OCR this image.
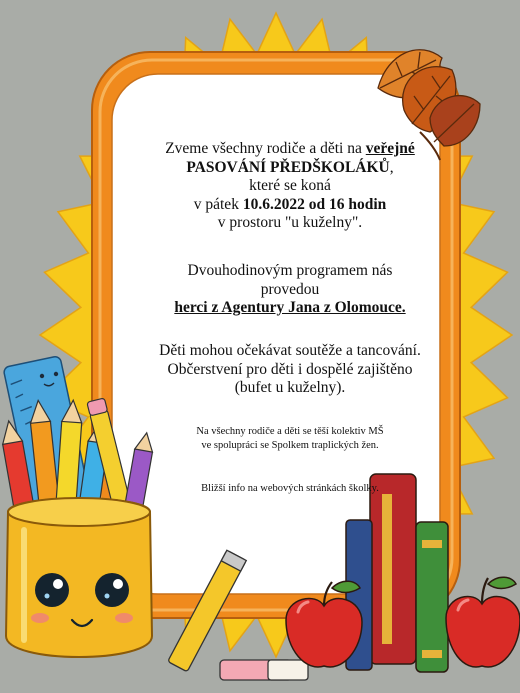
Zveme všechny rodiče a děti na veřejné
PASOVÁNÍ PŘEDŠKOLÁKŮ,
které se koná
v pátek 10.6.2022 od 16 hodin
v prostoru "u kuželny".

Dvouhodinovým programem nás
provedou
herci z Agentury Jana z Olomouce.

Děti mohou očekávat soutěže a tancování.
Občerstvení pro děti i dospělé zajištěno
(bufet u kuželny).

Na všechny rodiče a děti se těší kolektiv MŠ
ve spolupráci se Spolkem traplických žen.

Bližší info na webových stránkách školky.
